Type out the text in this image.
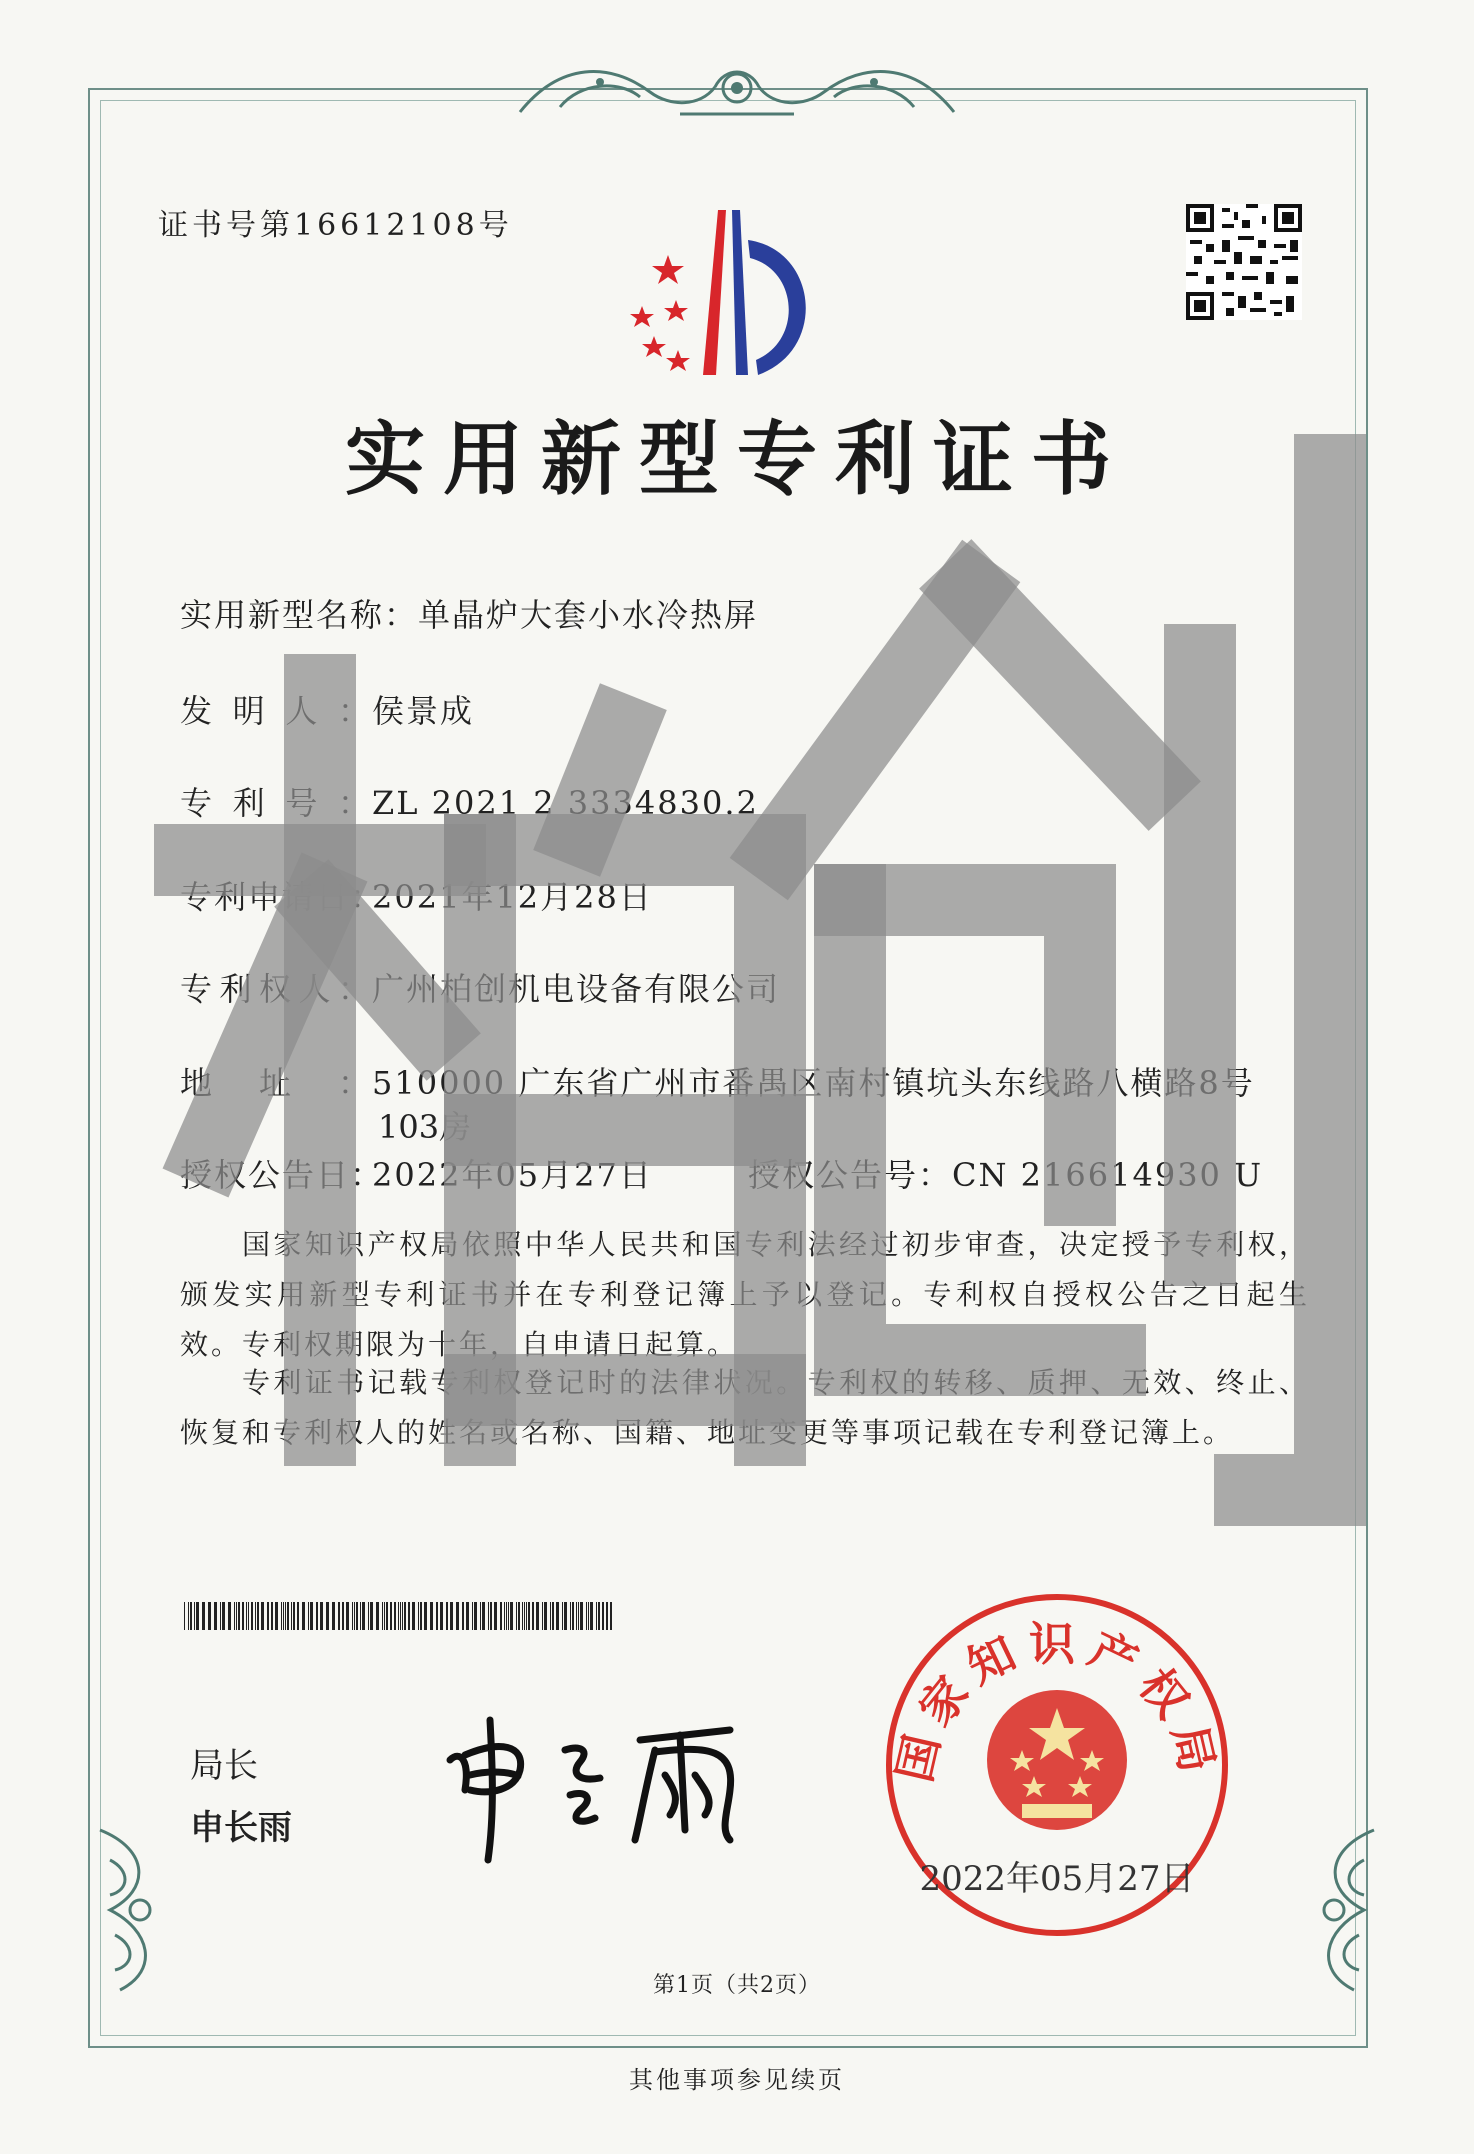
证书号第16612108号
实用新型专利证书
实用新型名称：单晶炉大套小水冷热屏
发明人：侯景成
专利号：ZL 2021 2 3334830.2
专利申请日：2021年12月28日
专利权人：广州柏创机电设备有限公司
地址：510000 广东省广州市番禺区南村镇坑头东线路八横路8号
103房
授权公告日：2022年05月27日	授权公告号：CN 216614930 U
国家知识产权局依照中华人民共和国专利法经过初步审查，决定授予专利权，颁发实用新型专利证书并在专利登记簿上予以登记。专利权自授权公告之日起生效。专利权期限为十年，自申请日起算。
专利证书记载专利权登记时的法律状况。专利权的转移、质押、无效、终止、恢复和专利权人的姓名或名称、国籍、地址变更等事项记载在专利登记簿上。
局长
申长雨
国家知识产权局
2022年05月27日
第1页（共2页）
其他事项参见续页
